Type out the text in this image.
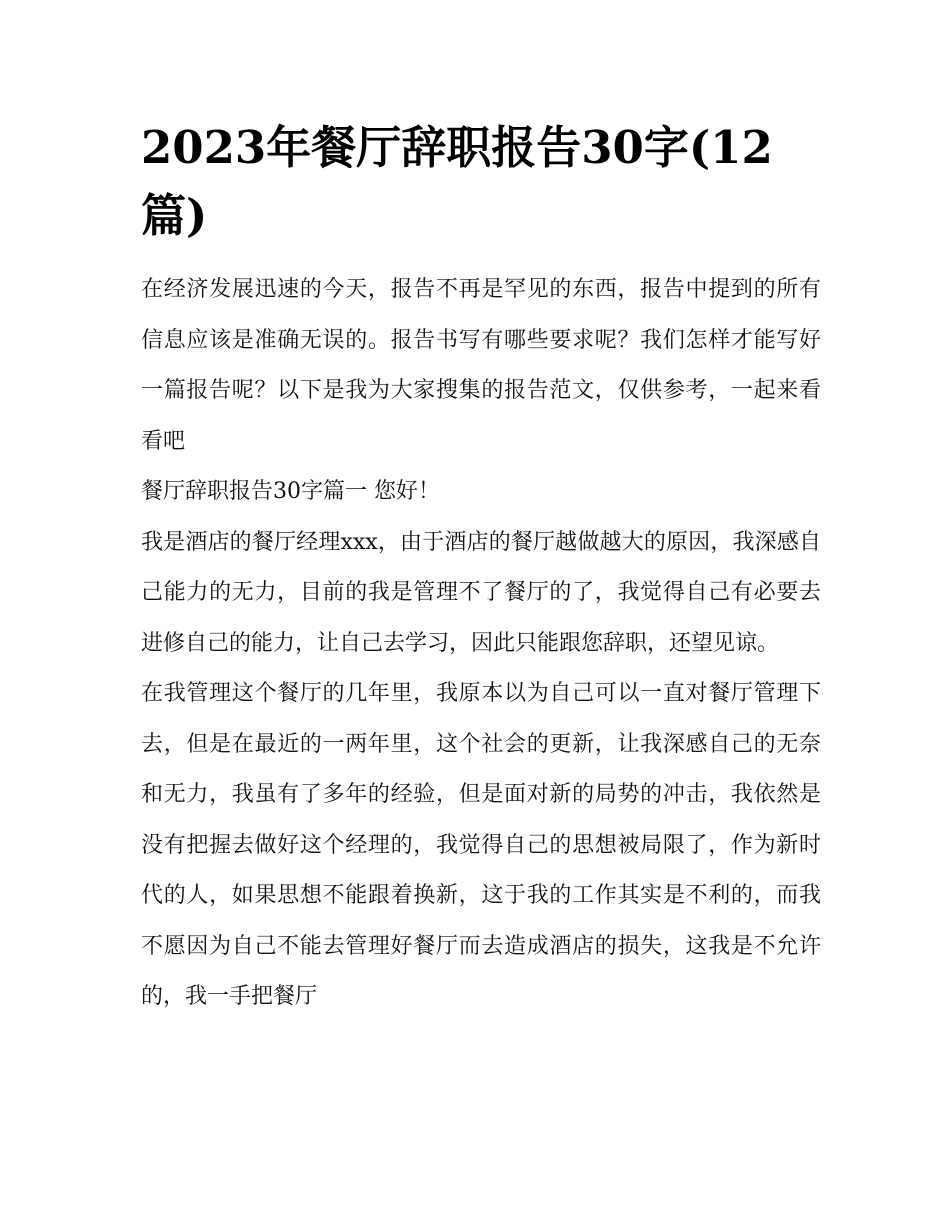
2023年餐厅辞职报告30字(12篇)

在经济发展迅速的今天，报告不再是罕见的东西，报告中提到的所有信息应该是准确无误的。报告书写有哪些要求呢？我们怎样才能写好一篇报告呢？以下是我为大家搜集的报告范文，仅供参考，一起来看看吧

餐厅辞职报告30字篇一 您好！

我是酒店的餐厅经理xxx，由于酒店的餐厅越做越大的原因，我深感自己能力的无力，目前的我是管理不了餐厅的了，我觉得自己有必要去进修自己的能力，让自己去学习，因此只能跟您辞职，还望见谅。

在我管理这个餐厅的几年里，我原本以为自己可以一直对餐厅管理下去，但是在最近的一两年里，这个社会的更新，让我深感自己的无奈和无力，我虽有了多年的经验，但是面对新的局势的冲击，我依然是没有把握去做好这个经理的，我觉得自己的思想被局限了，作为新时代的人，如果思想不能跟着换新，这于我的工作其实是不利的，而我不愿因为自己不能去管理好餐厅而去造成酒店的损失，这我是不允许的，我一手把餐厅
